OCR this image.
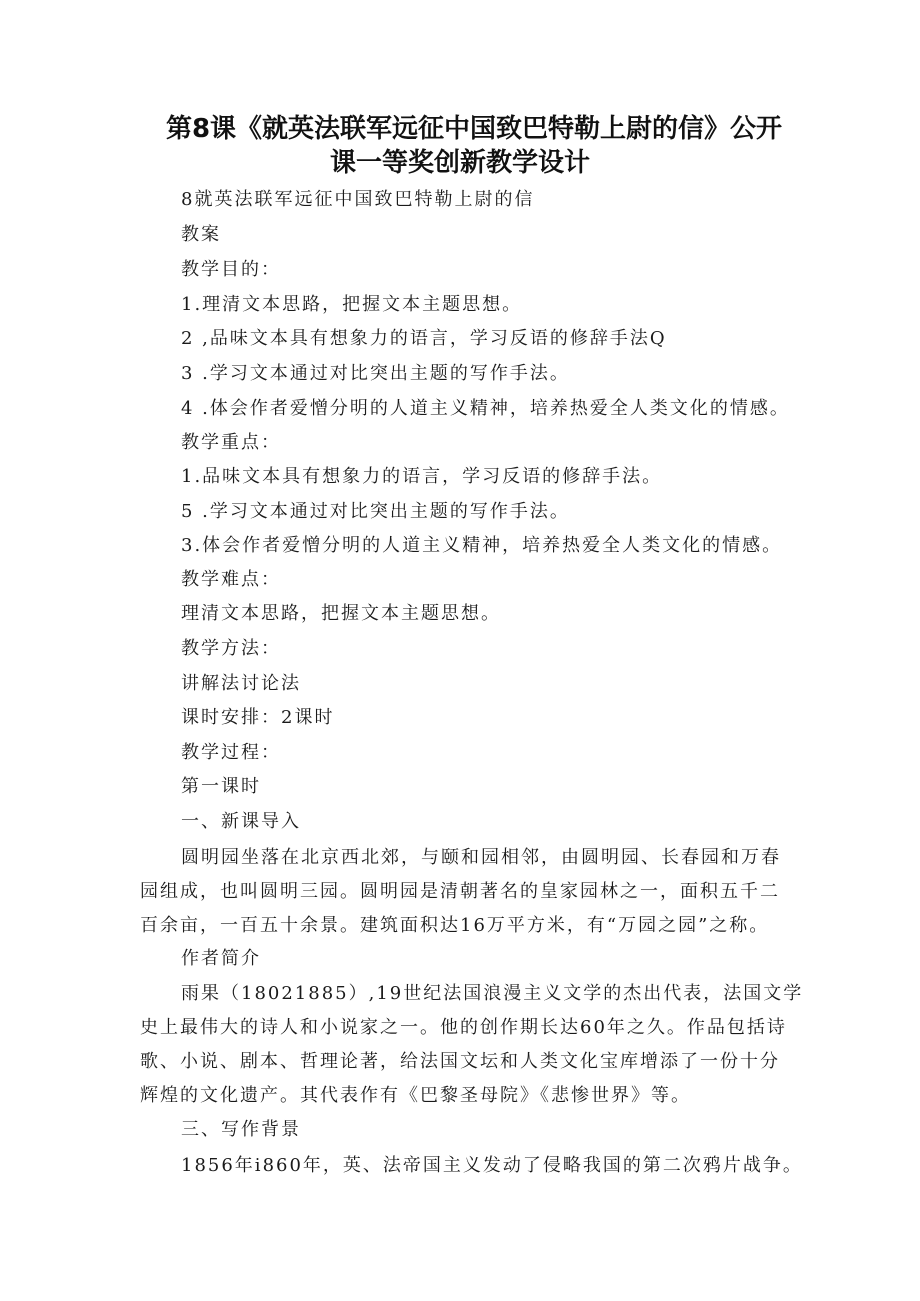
第8课《就英法联军远征中国致巴特勒上尉的信》公开
课一等奖创新教学设计
8就英法联军远征中国致巴特勒上尉的信
教案
教学目的：
1.理清文本思路，把握文本主题思想。
2 ,品味文本具有想象力的语言，学习反语的修辞手法Q
3 .学习文本通过对比突出主题的写作手法。
4 .体会作者爱憎分明的人道主义精神，培养热爱全人类文化的情感。
教学重点：
1.品味文本具有想象力的语言，学习反语的修辞手法。
5 .学习文本通过对比突出主题的写作手法。
3.体会作者爱憎分明的人道主义精神，培养热爱全人类文化的情感。
教学难点：
理清文本思路，把握文本主题思想。
教学方法：
讲解法讨论法
课时安排：2课时
教学过程：
第一课时
一、新课导入
圆明园坐落在北京西北郊，与颐和园相邻，由圆明园、长春园和万春
园组成，也叫圆明三园。圆明园是清朝著名的皇家园林之一，面积五千二
百余亩，一百五十余景。建筑面积达16万平方米，有“万园之园”之称。
作者简介
雨果（18021885）,19世纪法国浪漫主义文学的杰出代表，法国文学
史上最伟大的诗人和小说家之一。他的创作期长达60年之久。作品包括诗
歌、小说、剧本、哲理论著，给法国文坛和人类文化宝库增添了一份十分
辉煌的文化遗产。其代表作有《巴黎圣母院》《悲惨世界》等。
三、写作背景
1856年i860年，英、法帝国主义发动了侵略我国的第二次鸦片战争。
